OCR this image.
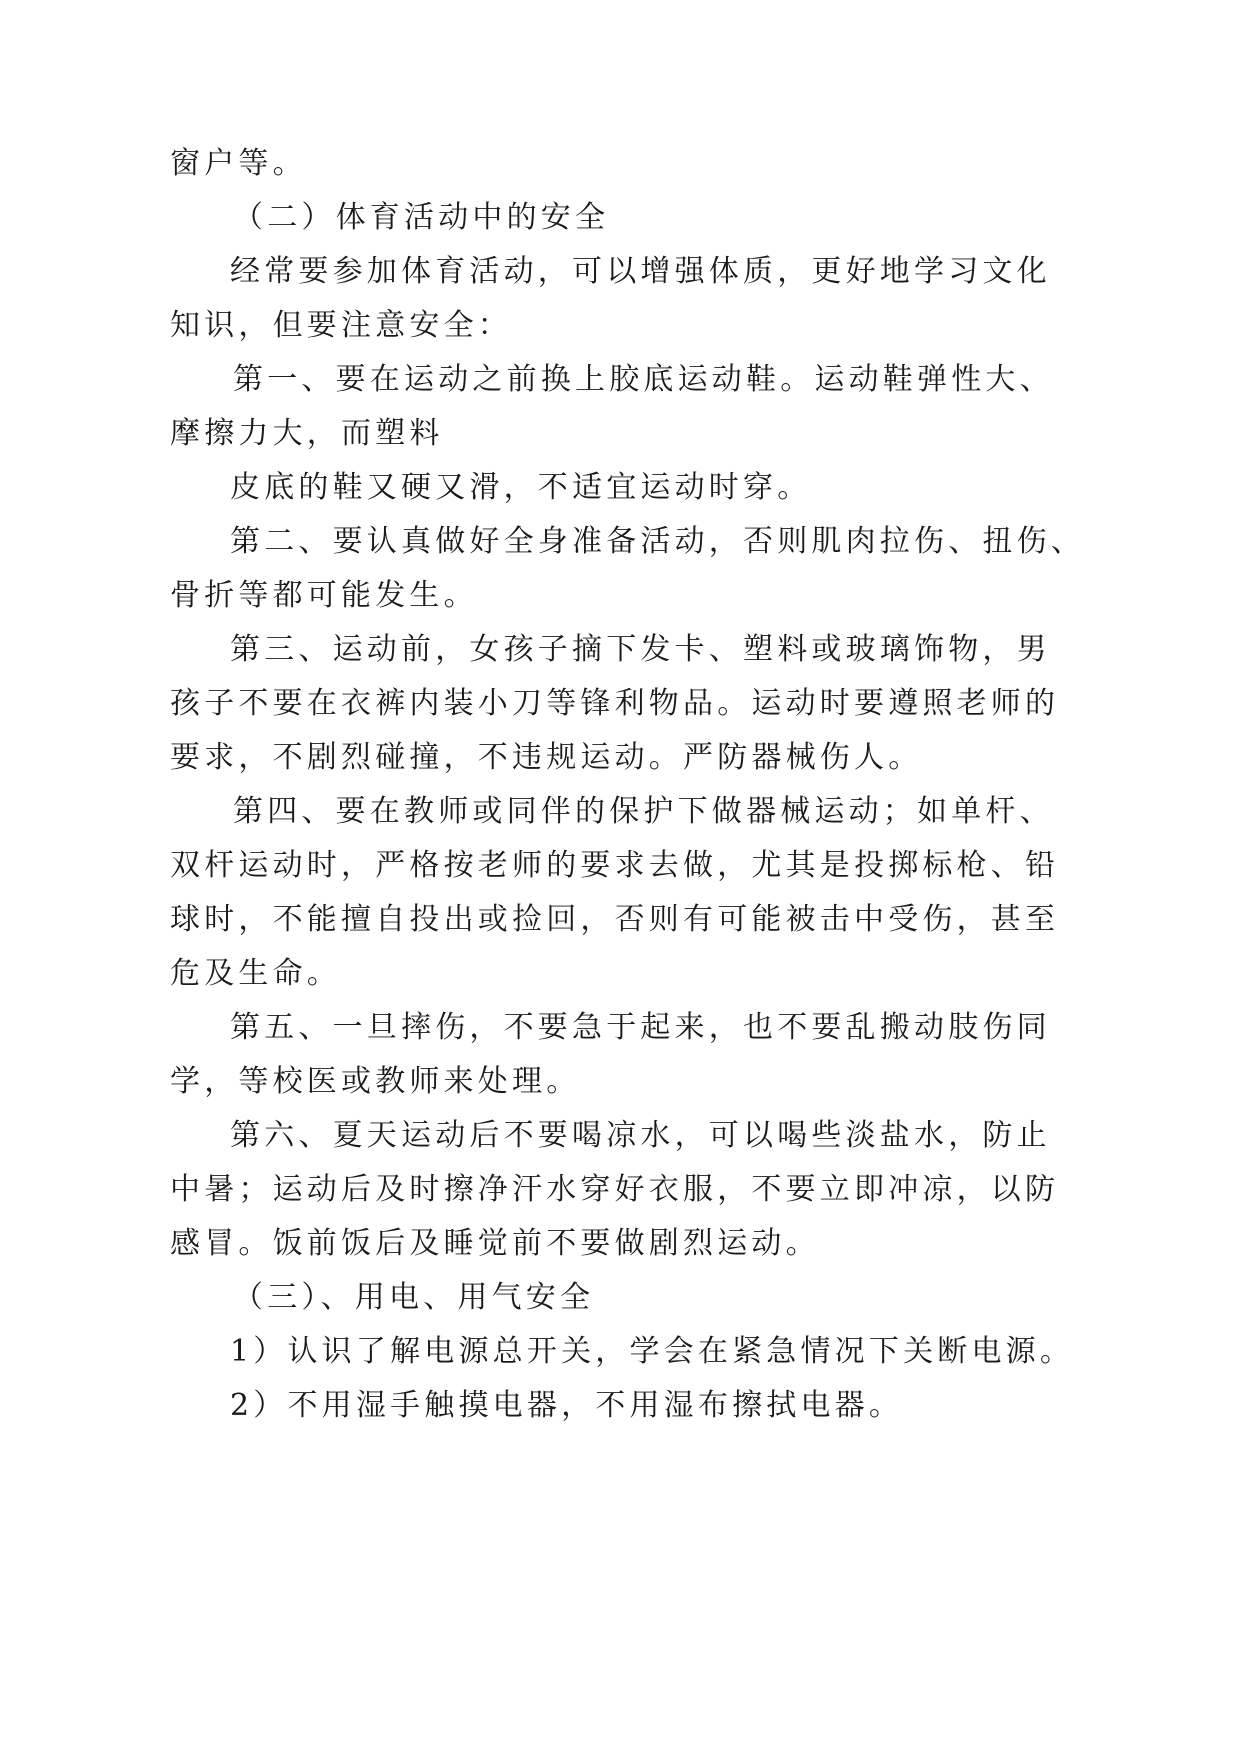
窗户等。

（二）体育活动中的安全

经常要参加体育活动，可以增强体质，更好地学习文化

知识，但要注意安全：

第一、要在运动之前换上胶底运动鞋。运动鞋弹性大、

摩擦力大，而塑料

皮底的鞋又硬又滑，不适宜运动时穿。

第二、要认真做好全身准备活动，否则肌肉拉伤、扭伤、

骨折等都可能发生。

第三、运动前，女孩子摘下发卡、塑料或玻璃饰物，男

孩子不要在衣裤内装小刀等锋利物品。运动时要遵照老师的

要求，不剧烈碰撞，不违规运动。严防器械伤人。

第四、要在教师或同伴的保护下做器械运动；如单杆、

双杆运动时，严格按老师的要求去做，尤其是投掷标枪、铅

球时，不能擅自投出或捡回，否则有可能被击中受伤，甚至

危及生命。

第五、一旦摔伤，不要急于起来，也不要乱搬动肢伤同

学，等校医或教师来处理。

第六、夏天运动后不要喝凉水，可以喝些淡盐水，防止

中暑；运动后及时擦净汗水穿好衣服，不要立即冲凉，以防

感冒。饭前饭后及睡觉前不要做剧烈运动。

（三）、用电、用气安全

1）认识了解电源总开关，学会在紧急情况下关断电源。

2）不用湿手触摸电器，不用湿布擦拭电器。
